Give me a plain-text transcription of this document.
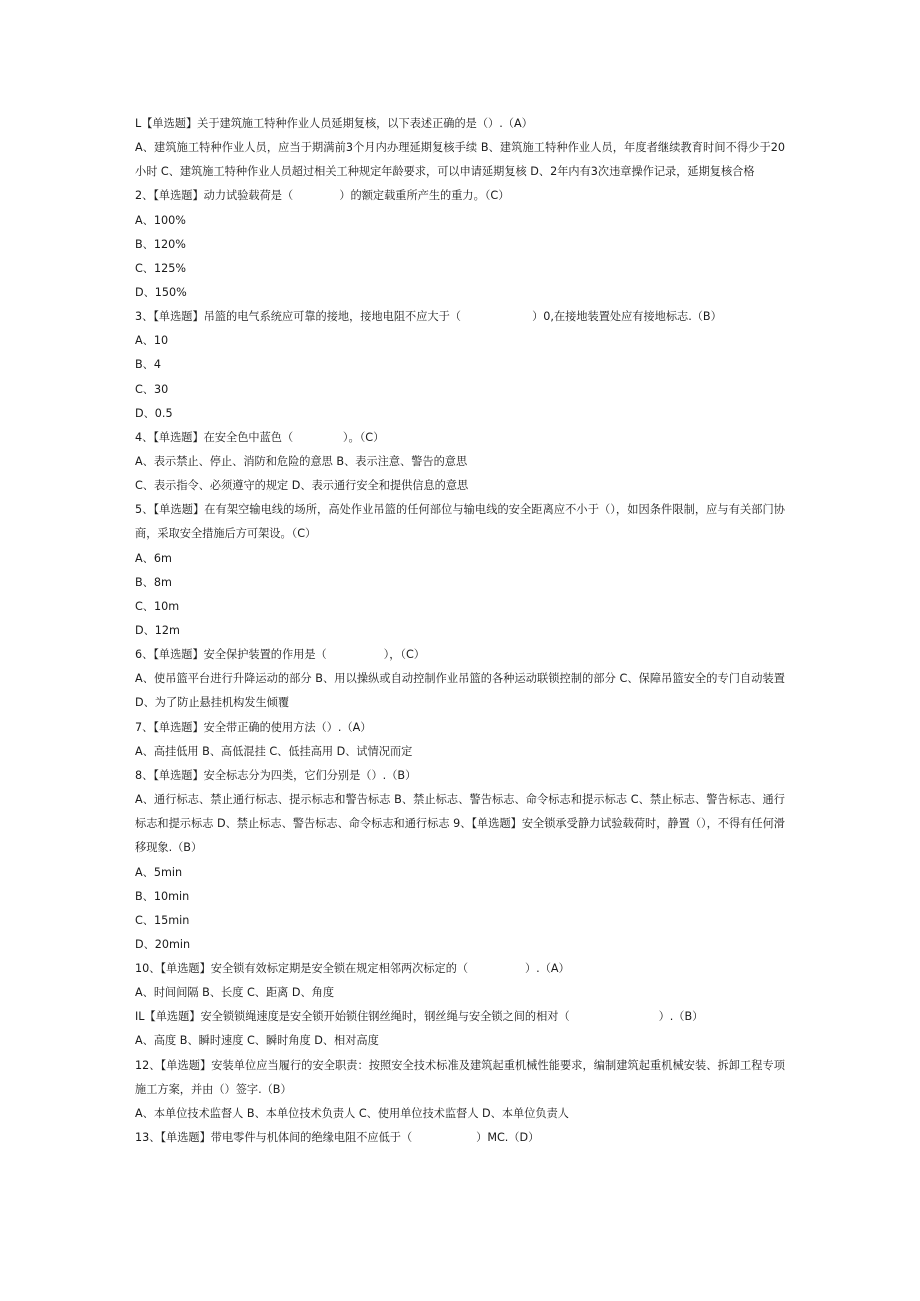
L【单选题】关于建筑施工特种作业人员延期复核，以下表述正确的是（）.（A）
A、建筑施工特种作业人员，应当于期满前3个月内办理延期复核手续 B、建筑施工特种作业人员，年度者继续教育时间不得少于20小时 C、建筑施工特种作业人员超过相关工种规定年龄要求，可以申请延期复核 D、2年内有3次违章操作记录，延期复核合格
2、【单选题】动力试验载荷是（             ）的额定载重所产生的重力。（C）
A、100%
B、120%
C、125%
D、150%
3、【单选题】吊篮的电气系统应可靠的接地，接地电阻不应大于（                    ）0,在接地装置处应有接地标志.（B）
A、10
B、4
C、30
D、0.5
4、【单选题】在安全色中蓝色（              ）。（C）
A、表示禁止、停止、消防和危险的意思 B、表示注意、警告的意思
C、表示指令、必须遵守的规定 D、表示通行安全和提供信息的意思
5、【单选题】在有架空输电线的场所，高处作业吊篮的任何部位与输电线的安全距离应不小于（），如因条件限制，应与有关部门协商，采取安全措施后方可架设。（C）
A、6m
B、8m
C、10m
D、12m
6、【单选题】安全保护装置的作用是（                ），（C）
A、使吊篮平台进行升降运动的部分 B、用以操纵或自动控制作业吊篮的各种运动联锁控制的部分 C、保障吊篮安全的专门自动装置 D、为了防止悬挂机构发生倾覆
7、【单选题】安全带正确的使用方法（）.（A）
A、高挂低用 B、高低混挂 C、低挂高用 D、试情况而定
8、【单选题】安全标志分为四类，它们分别是（）.（B）
A、通行标志、禁止通行标志、提示标志和警告标志 B、禁止标志、警告标志、命令标志和提示标志 C、禁止标志、警告标志、通行标志和提示标志 D、禁止标志、警告标志、命令标志和通行标志 9、【单选题】安全锁承受静力试验载荷时，静置（），不得有任何滑移现象.（B）
A、5min
B、10min
C、15min
D、20min
10、【单选题】安全锁有效标定期是安全锁在规定相邻两次标定的（                ）.（A）
A、时间间隔 B、长度 C、距离 D、角度
IL【单选题】安全锁锁绳速度是安全锁开始锁住钢丝绳时，钢丝绳与安全锁之间的相对（                         ）.（B）
A、高度 B、瞬时速度 C、瞬时角度 D、相对高度
12、【单选题】安装单位应当履行的安全职责：按照安全技术标准及建筑起重机械性能要求，编制建筑起重机械安装、拆卸工程专项施工方案，并由（）签字.（B）
A、本单位技术监督人 B、本单位技术负责人 C、使用单位技术监督人 D、本单位负责人
13、【单选题】带电零件与机体间的绝缘电阻不应低于（                  ）MC.（D）
